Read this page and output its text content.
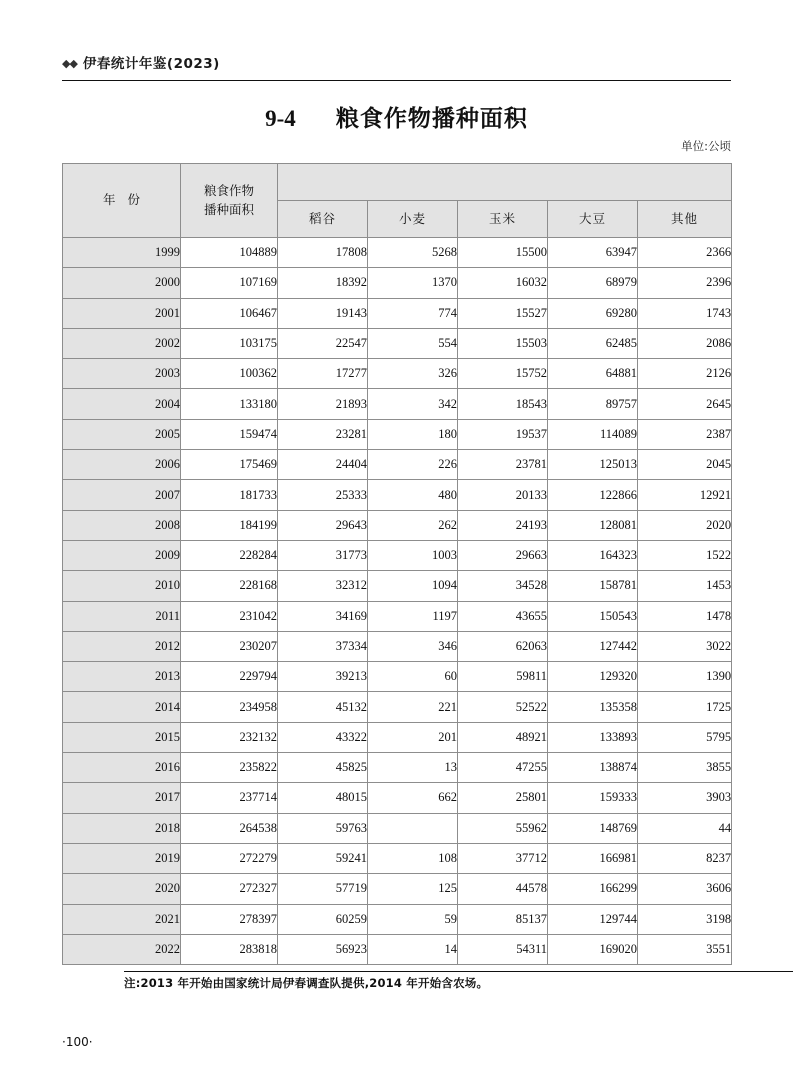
◆◆ 伊春统计年鉴(2023)
9-4 粮食作物播种面积
单位:公顷
年 份	粮食作物
播种面积					
		稻谷	小麦	玉米	大豆	其他
1999	104889	17808	5268	15500	63947	2366
2000	107169	18392	1370	16032	68979	2396
2001	106467	19143	774	15527	69280	1743
2002	103175	22547	554	15503	62485	2086
2003	100362	17277	326	15752	64881	2126
2004	133180	21893	342	18543	89757	2645
2005	159474	23281	180	19537	114089	2387
2006	175469	24404	226	23781	125013	2045
2007	181733	25333	480	20133	122866	12921
2008	184199	29643	262	24193	128081	2020
2009	228284	31773	1003	29663	164323	1522
2010	228168	32312	1094	34528	158781	1453
2011	231042	34169	1197	43655	150543	1478
2012	230207	37334	346	62063	127442	3022
2013	229794	39213	60	59811	129320	1390
2014	234958	45132	221	52522	135358	1725
2015	232132	43322	201	48921	133893	5795
2016	235822	45825	13	47255	138874	3855
2017	237714	48015	662	25801	159333	3903
2018	264538	59763		55962	148769	44
2019	272279	59241	108	37712	166981	8237
2020	272327	57719	125	44578	166299	3606
2021	278397	60259	59	85137	129744	3198
2022	283818	56923	14	54311	169020	3551
注:2013 年开始由国家统计局伊春调查队提供,2014 年开始含农场。
·100·
